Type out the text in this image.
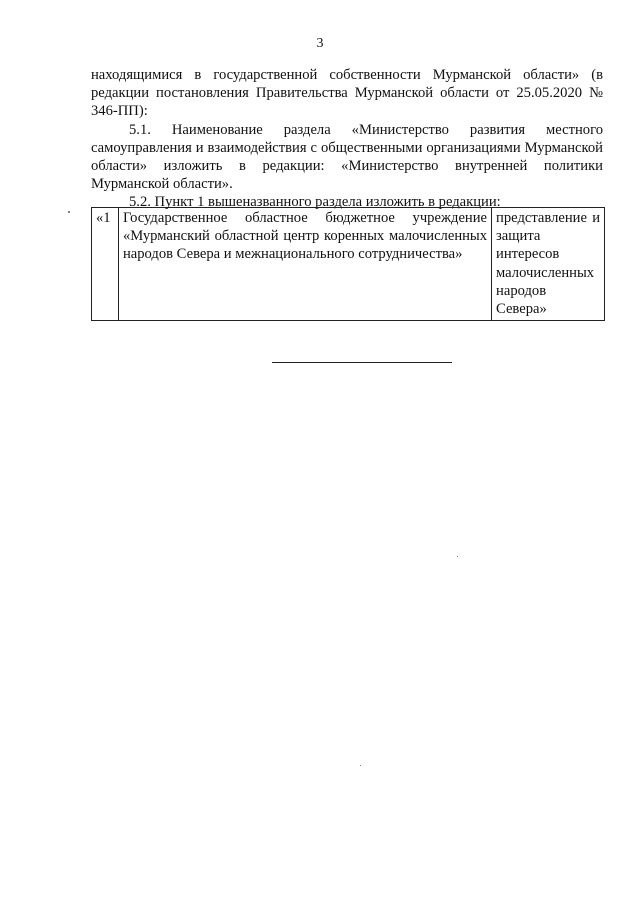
3

находящимися в государственной собственности Мурманской области» (в редакции постановления Правительства Мурманской области от 25.05.2020 № 346-ПП):

5.1. Наименование раздела «Министерство развития местного самоуправления и взаимодействия с общественными организациями Мурманской области» изложить в редакции: «Министерство внутренней политики Мурманской области».

5.2. Пункт 1 вышеназванного раздела изложить в редакции:

«1	Государственное областное бюджетное учреждение «Мурманский областной центр коренных малочисленных народов Севера и межнационального сотрудничества»	представление и защита интересов малочисленных народов Севера»
